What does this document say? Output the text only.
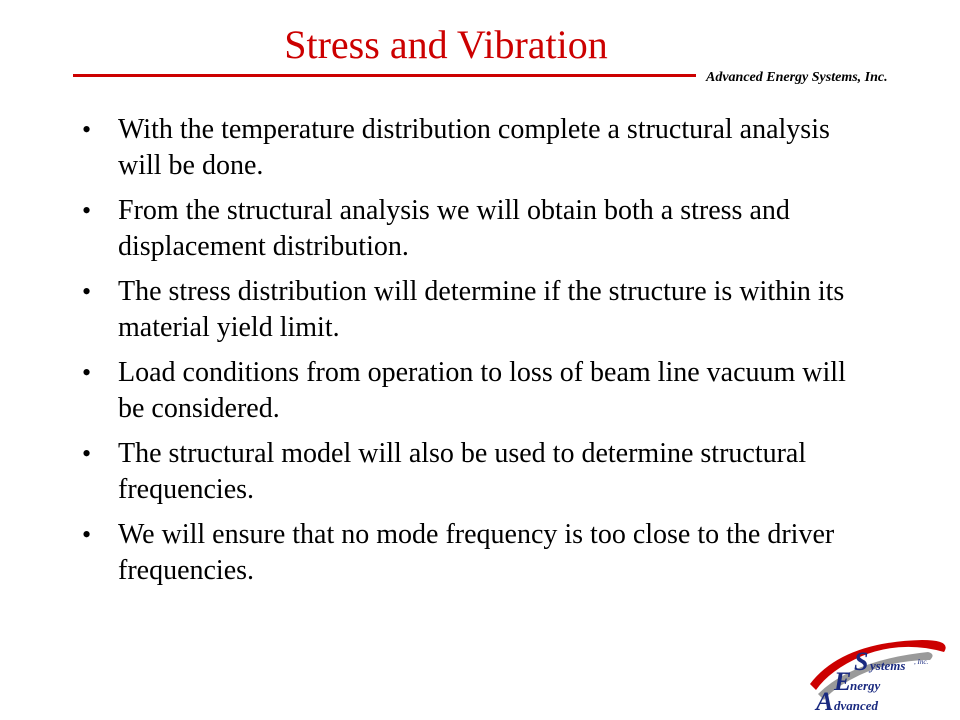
Stress and Vibration
Advanced Energy Systems, Inc.
• With the temperature distribution complete a structural analysis will be done.
• From the structural analysis we will obtain both a stress and displacement distribution.
• The stress distribution will determine if the structure is within its material yield limit.
• Load conditions from operation to loss of beam line vacuum will be considered.
• The structural model will also be used to determine structural frequencies.
• We will ensure that no mode frequency is too close to the driver frequencies.
S ystems , Inc.
E
nergy
A dvanced
